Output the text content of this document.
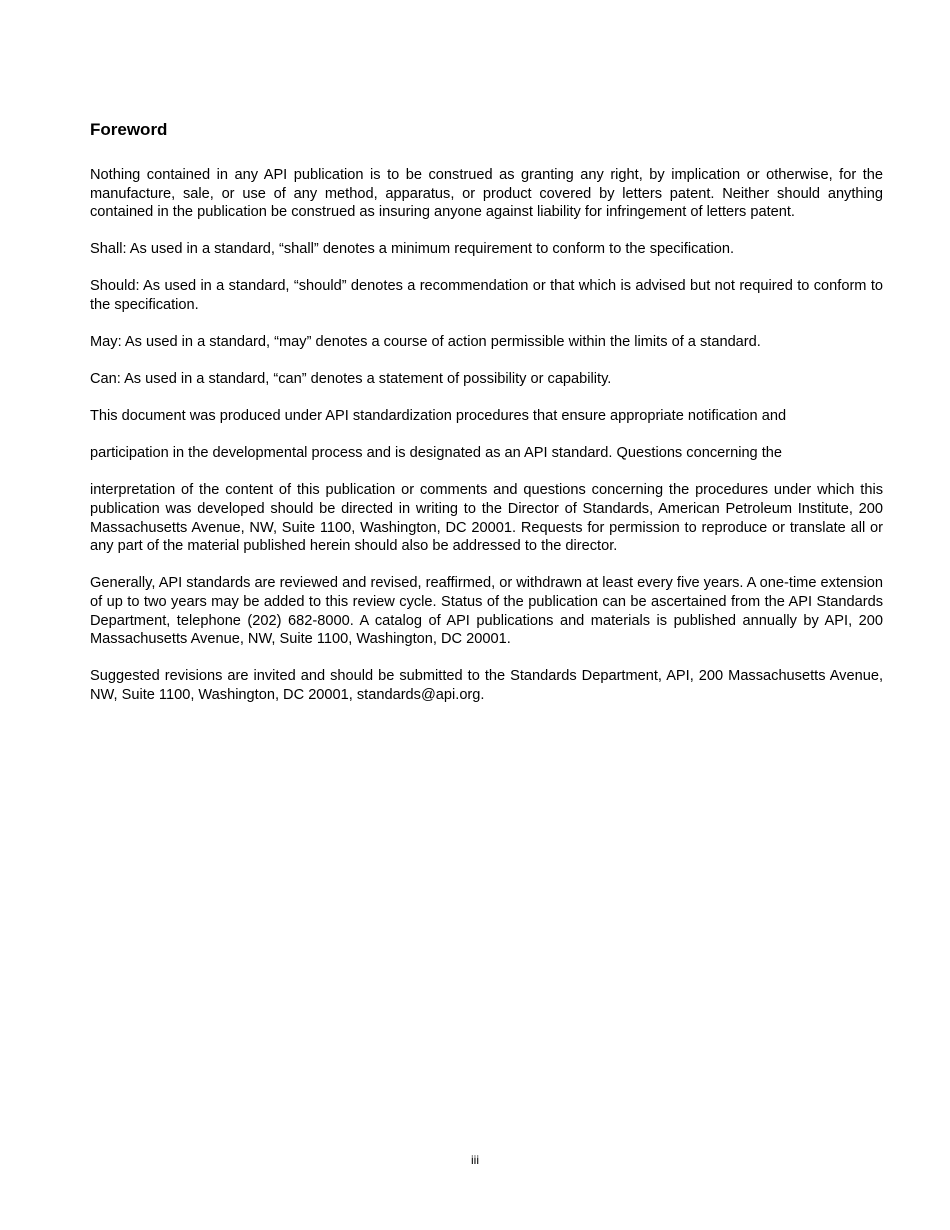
Foreword

Nothing contained in any API publication is to be construed as granting any right, by implication or otherwise, for the manufacture, sale, or use of any method, apparatus, or product covered by letters patent. Neither should anything contained in the publication be construed as insuring anyone against liability for infringement of letters patent.

Shall: As used in a standard, “shall” denotes a minimum requirement to conform to the specification.

Should: As used in a standard, “should” denotes a recommendation or that which is advised but not required to conform to the specification.

May: As used in a standard, “may” denotes a course of action permissible within the limits of a standard.

Can: As used in a standard, “can” denotes a statement of possibility or capability.

This document was produced under API standardization procedures that ensure appropriate notification and

participation in the developmental process and is designated as an API standard. Questions concerning the

interpretation of the content of this publication or comments and questions concerning the procedures under which this publication was developed should be directed in writing to the Director of Standards, American Petroleum Institute, 200 Massachusetts Avenue, NW, Suite 1100, Washington, DC 20001. Requests for permission to reproduce or translate all or any part of the material published herein should also be addressed to the director.

Generally, API standards are reviewed and revised, reaffirmed, or withdrawn at least every five years. A one-time extension of up to two years may be added to this review cycle. Status of the publication can be ascertained from the API Standards Department, telephone (202) 682-8000. A catalog of API publications and materials is published annually by API, 200 Massachusetts Avenue, NW, Suite 1100, Washington, DC 20001.

Suggested revisions are invited and should be submitted to the Standards Department, API, 200 Massachusetts Avenue, NW, Suite 1100, Washington, DC 20001, standards@api.org.

iii
